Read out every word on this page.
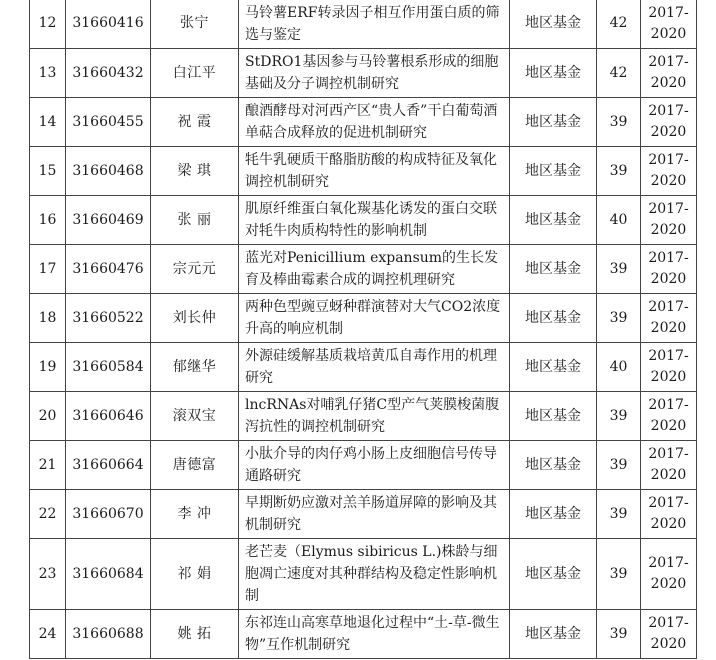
12	31660416	张宁	马铃薯ERF转录因子相互作用蛋白质的筛选与鉴定	地区基金	42	2017-2020
13	31660432	白江平	StDRO1基因参与马铃薯根系形成的细胞基础及分子调控机制研究	地区基金	42	2017-2020
14	31660455	祝 霞	酿酒酵母对河西产区“贵人香”干白葡萄酒单萜合成释放的促进机制研究	地区基金	39	2017-2020
15	31660468	梁 琪	牦牛乳硬质干酪脂肪酸的构成特征及氧化调控机制研究	地区基金	39	2017-2020
16	31660469	张 丽	肌原纤维蛋白氧化羰基化诱发的蛋白交联对牦牛肉质构特性的影响机制	地区基金	40	2017-2020
17	31660476	宗元元	蓝光对Penicillium expansum的生长发育及棒曲霉素合成的调控机理研究	地区基金	39	2017-2020
18	31660522	刘长仲	两种色型豌豆蚜种群演替对大气CO2浓度升高的响应机制	地区基金	39	2017-2020
19	31660584	郁继华	外源硅缓解基质栽培黄瓜自毒作用的机理研究	地区基金	40	2017-2020
20	31660646	滚双宝	lncRNAs对哺乳仔猪C型产气荚膜梭菌腹泻抗性的调控机制研究	地区基金	39	2017-2020
21	31660664	唐德富	小肽介导的肉仔鸡小肠上皮细胞信号传导通路研究	地区基金	39	2017-2020
22	31660670	李 冲	早期断奶应激对羔羊肠道屏障的影响及其机制研究	地区基金	39	2017-2020
23	31660684	祁 娟	老芒麦（Elymus sibiricus L.)株龄与细胞凋亡速度对其种群结构及稳定性影响机制	地区基金	39	2017-2020
24	31660688	姚 拓	东祁连山高寒草地退化过程中“土-草-微生物”互作机制研究	地区基金	39	2017-2020
